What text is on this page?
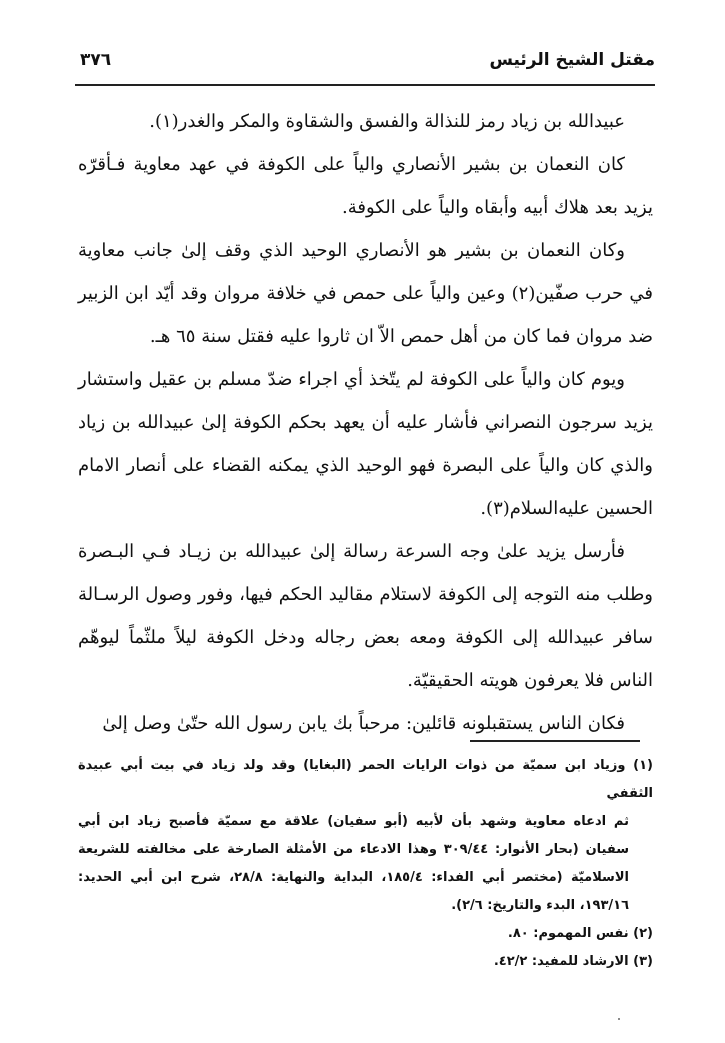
مقتل الشيخ الرئيس
٣٧٦

عبيدالله بن زياد رمز للنذالة والفسق والشقاوة والمكر والغدر(١).

كان النعمان بن بشير الأنصاري والياً على الكوفة في عهد معاوية فـأقرّه يزيد بعد هلاك أبيه وأبقاه والياً على الكوفة.

وكان النعمان بن بشير هو الأنصاري الوحيد الذي وقف إلىٰ جانب معاوية في حرب صفّين(٢) وعين والياً على حمص في خلافة مروان وقد أيّد ابن الزبير ضد مروان فما كان من أهل حمص الاّ ان ثاروا عليه فقتل سنة ٦٥ هـ.

ويوم كان والياً على الكوفة لم يتّخذ أي اجراء ضدّ مسلم بن عقيل واستشار يزيد سرجون النصراني فأشار عليه أن يعهد بحكم الكوفة إلىٰ عبيدالله بن زياد والذي كان والياً على البصرة فهو الوحيد الذي يمكنه القضاء على أنصار الامام الحسين عليه‌السلام(٣).

فأرسل يزيد علىٰ وجه السرعة رسالة إلىٰ عبيدالله بن زيـاد فـي البـصرة وطلب منه التوجه إلى الكوفة لاستلام مقاليد الحكم فيها، وفور وصول الرسـالة سافر عبيدالله إلى الكوفة ومعه بعض رجاله ودخل الكوفة ليلاً ملثّماً ليوهّم الناس فلا يعرفون هويته الحقيقيّة.

فكان الناس يستقبلونه قائلين: مرحباً بك يابن رسول الله حتّىٰ وصل إلىٰ

(١) وزياد ابن سميّة من ذوات الرايات الحمر (البغايا) وقد ولد زياد في بيت أبي عبيدة الثقفي

ثم ادعاه معاوية وشهد بأن لأبيه (أبو سفيان) علاقة مع سميّة فأصبح زياد ابن أبي سفيان (بحار الأنوار: ٣٠٩/٤٤ وهذا الادعاء من الأمثلة الصارخة على مخالفته للشريعة الاسلاميّة (مختصر أبي الفداء: ١٨٥/٤، البداية والنهاية: ٢٨/٨، شرح ابن أبي الحديد: ١٩٣/١٦، البدء والتاريخ: ٢/٦).

(٢) نفس المهموم: ٨٠.

(٣) الارشاد للمفيد: ٤٢/٢.
